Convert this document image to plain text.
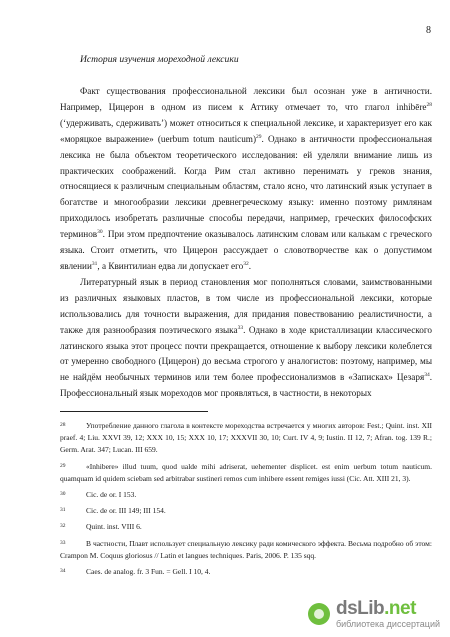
8
История изучения мореходной лексики

Факт существования профессиональной лексики был осознан уже в античности. Например, Цицерон в одном из писем к Аттику отмечает то, что глагол inhibēre$^{28}$ (‘удерживать, сдерживать’) может относиться к специальной лексике, и характеризует его как «моряцкое выражение» (uerbum totum nauticum)$^{29}$. Однако в античности профессиональная лексика не была объектом теоретического исследования: ей уделяли внимание лишь из практических соображений. Когда Рим стал активно перенимать у греков знания, относящиеся к различным специальным областям, стало ясно, что латинский язык уступает в богатстве и многообразии лексики древнегреческому языку: именно поэтому римлянам приходилось изобретать различные способы передачи, например, греческих философских терминов$^{30}$. При этом предпочтение оказывалось латинским словам или калькам с греческого языка. Стоит отметить, что Цицерон рассуждает о словотворчестве как о допустимом явлении$^{31}$, а Квинтилиан едва ли допускает его$^{32}$.

Литературный язык в период становления мог пополняться словами, заимствованными из различных языковых пластов, в том числе из профессиональной лексики, которые использовались для точности выражения, для придания повествованию реалистичности, а также для разнообразия поэтического языка$^{33}$. Однако в ходе кристаллизации классического латинского языка этот процесс почти прекращается, отношение к выбору лексики колеблется от умеренно свободного (Цицерон) до весьма строгого у аналогистов: поэтому, например, мы не найдём необычных терминов или тем более профессионализмов в «Записках» Цезаря$^{34}$. Профессиональный язык мореходов мог проявляться, в частности, в некоторых

28	Употребление данного глагола в контексте мореходства встречается у многих авторов: Fest.; Quint. inst. XII praef. 4; Liu. XXVI 39, 12; XXX 10, 15; XXX 10, 17; XXXVII 30, 10; Curt. IV 4, 9; Iustin. II 12, 7; Afran. tog. 139 R.; Germ. Arat. 347; Lucan. III 659.
29	«Inhibere» illud tuum, quod ualde mihi adriserat, uehementer displicet. est enim uerbum totum nauticum. quamquam id quidem sciebam sed arbitrabar sustineri remos cum inhibere essent remiges iussi (Cic. Att. XIII 21, 3).
30	Cic. de or. I 153.
31	Cic. de or. III 149; III 154.
32	Quint. inst. VIII 6.
33	В частности, Плавт использует специальную лексику ради комического эффекта. Весьма подробно об этом: Crampon M. Coquus gloriosus // Latin et langues techniques. Paris, 2006. P. 135 sqq.
34	Caes. de analog. fr. 3 Fun. = Gell. I 10, 4.
dsLib.net
библиотека диссертаций
